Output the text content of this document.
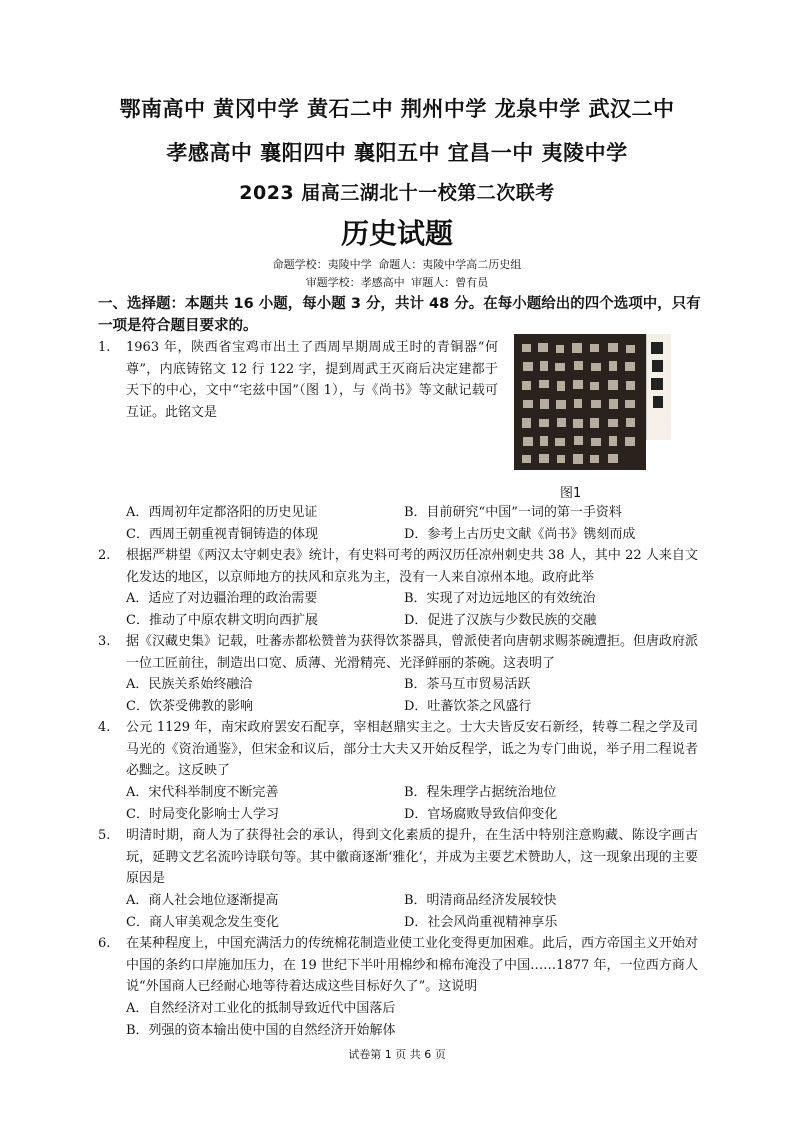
鄂南高中 黄冈中学 黄石二中 荆州中学 龙泉中学 武汉二中
孝感高中 襄阳四中 襄阳五中 宜昌一中 夷陵中学
2023 届高三湖北十一校第二次联考
历史试题
命题学校：夷陵中学 命题人：夷陵中学高二历史组
审题学校：孝感高中 审题人：曾有员
一、选择题：本题共 16 小题，每小题 3 分，共计 48 分。在每小题给出的四个选项中，只有一项是符合题目要求的。
图1
1. 1963 年，陕西省宝鸡市出土了西周早期周成王时的青铜器“何尊”，内底铸铭文 12 行 122 字，提到周武王灭商后决定建都于天下的中心，文中“宅兹中国”（图 1），与《尚书》等文献记载可互证。此铭文是
A．西周初年定都洛阳的历史见证	B．目前研究“中国”一词的第一手资料
C．西周王朝重视青铜铸造的体现	D．参考上古历史文献《尚书》镌刻而成
2. 根据严耕望《两汉太守刺史表》统计，有史料可考的两汉历任凉州刺史共 38 人，其中 22 人来自文化发达的地区，以京师地方的扶风和京兆为主，没有一人来自凉州本地。政府此举
A．适应了对边疆治理的政治需要	B．实现了对边远地区的有效统治
C．推动了中原农耕文明向西扩展	D．促进了汉族与少数民族的交融
3. 据《汉藏史集》记载，吐蕃赤都松赞普为获得饮茶器具，曾派使者向唐朝求赐茶碗遭拒。但唐政府派一位工匠前往，制造出口宽、质薄、光滑精亮、光泽鲜丽的茶碗。这表明了
A．民族关系始终融洽	B．茶马互市贸易活跃
C．饮茶受佛教的影响	D．吐蕃饮茶之风盛行
4. 公元 1129 年，南宋政府罢安石配享，宰相赵鼎实主之。士大夫皆反安石新经，转尊二程之学及司马光的《资治通鉴》，但宋金和议后，部分士大夫又开始反程学，诋之为专门曲说，举子用二程说者必黜之。这反映了
A．宋代科举制度不断完善	B．程朱理学占据统治地位
C．时局变化影响士人学习	D．官场腐败导致信仰变化
5. 明清时期，商人为了获得社会的承认，得到文化素质的提升，在生活中特别注意购藏、陈设字画古玩，延聘文艺名流吟诗联句等。其中徽商逐渐‘雅化’，并成为主要艺术赞助人，这一现象出现的主要原因是
A．商人社会地位逐渐提高	B．明清商品经济发展较快
C．商人审美观念发生变化	D．社会风尚重视精神享乐
6. 在某种程度上，中国充满活力的传统棉花制造业使工业化变得更加困难。此后，西方帝国主义开始对中国的条约口岸施加压力，在 19 世纪下半叶用棉纱和棉布淹没了中国……1877 年，一位西方商人说“外国商人已经耐心地等待着达成这些目标好久了”。这说明
A．自然经济对工业化的抵制导致近代中国落后
B．列强的资本输出使中国的自然经济开始解体
试卷第 1 页 共 6 页
